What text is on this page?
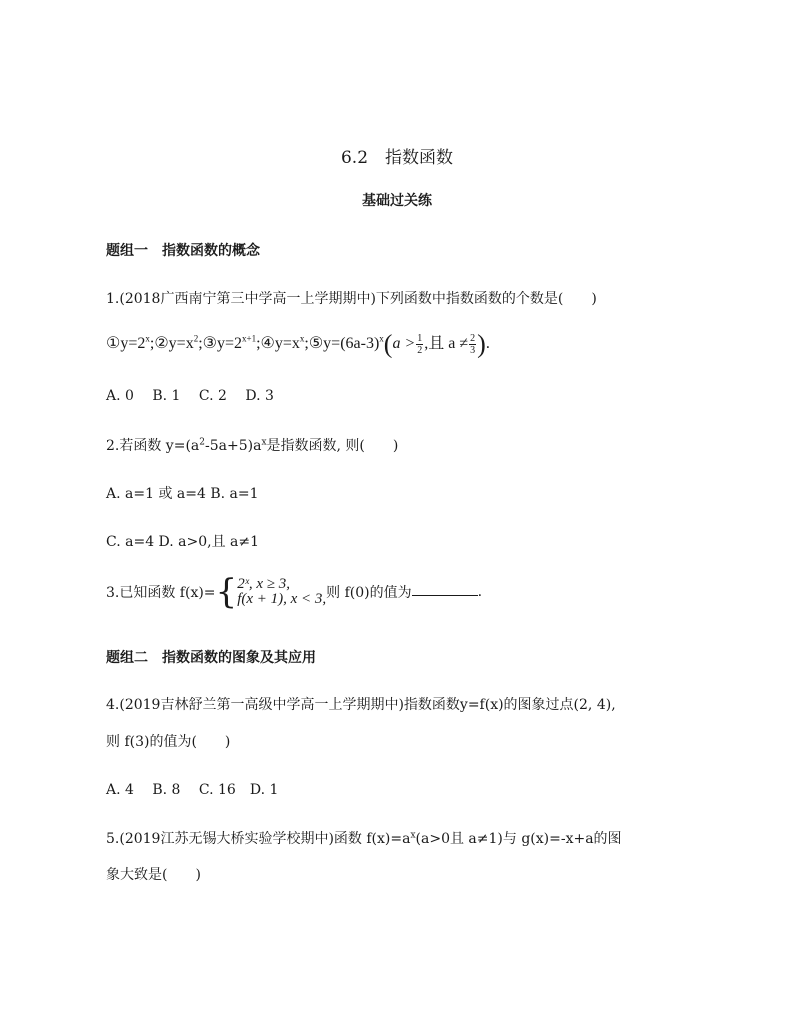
6.2　指数函数
基础过关练
题组一　指数函数的概念
1.(2018广西南宁第三中学高一上学期期中)下列函数中指数函数的个数是(　　)
$①y=2^x;②y=x^2;③y=2^{x+1};④y=x^x;⑤y=(6a-3)^x(a > \frac{1}{2}$ ,且 $a \ne \frac{2}{3}$ ).
A. 0　 B. 1　 C. 2　 D. 3
2.若函数 $y=(a^2-5a+5)a^x$是指数函数, 则(　　)
A. a=1 或 a=4 B. a=1
C. a=4 D. a>0,且 a≠1
3.已知函数 f(x)={ 2ˣ, x ≥ 3,
f(x + 1), x < 3, 则 f(0)的值为	.
题组二　指数函数的图象及其应用
4.(2019吉林舒兰第一高级中学高一上学期期中)指数函数y=f(x)的图象过点(2, 4),
则 f(3)的值为(　　)
A. 4　 B. 8　 C. 16　D. 1
5.(2019江苏无锡大桥实验学校期中)函数 $f(x)=a^x(a>0$且 a≠1)与 g(x)=-x+a的图
象大致是(　　)
